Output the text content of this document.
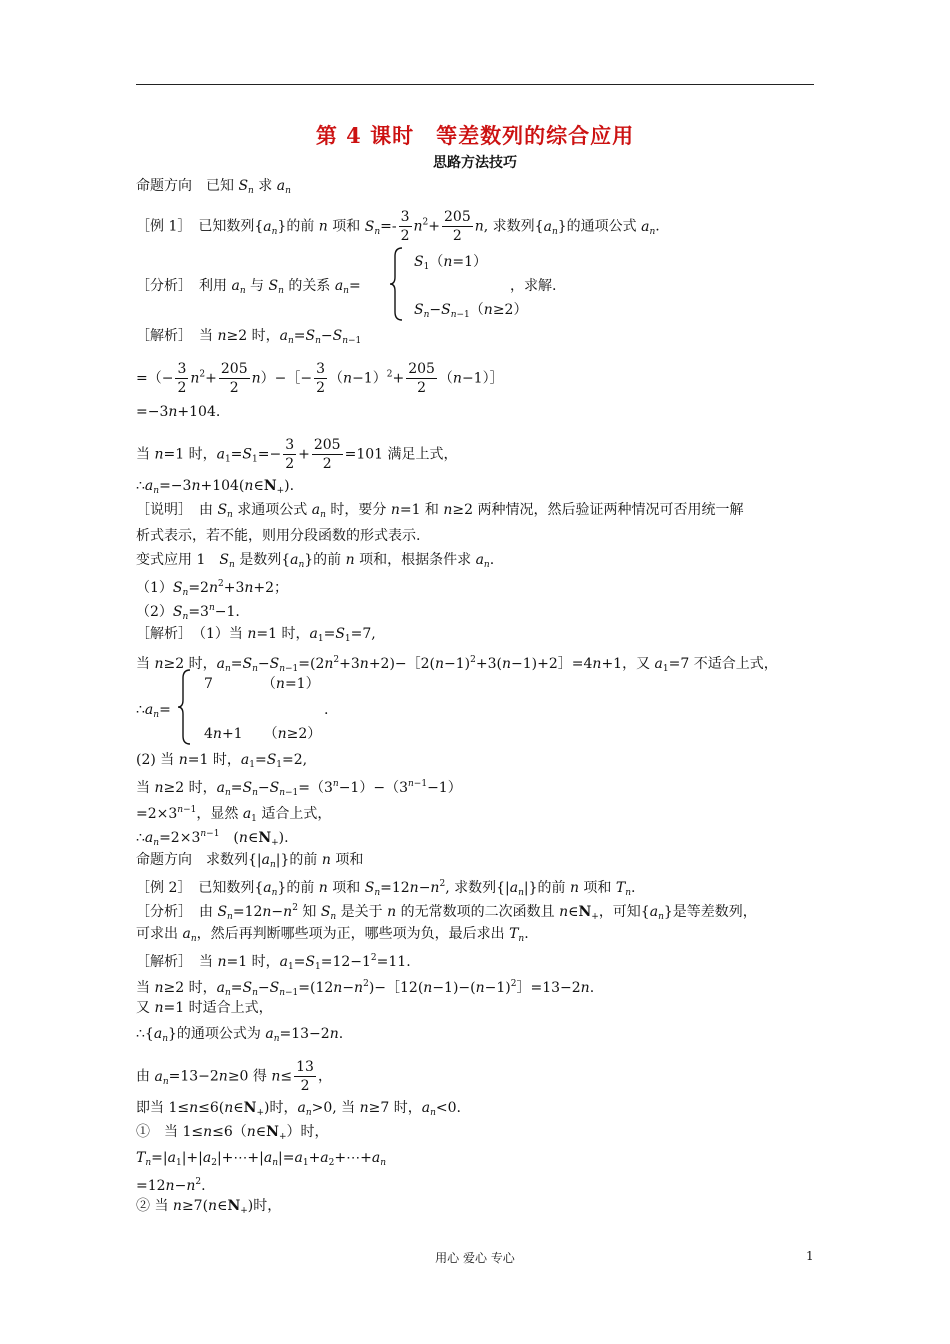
第 4 课时　等差数列的综合应用
思路方法技巧
命题方向　已知 $S_n$ 求 $a_n$
［例 1］　已知数列$\{a_n\}$的前 n 项和 $S_n=- \frac{3}{2} n^2+ \frac{205}{2} n$, 求数列$\{a_n\}$的通项公式 $a_n$.
［分析］　利用 $a_n$ 与 $S_n$ 的关系 $a_n=$
$S_1(n=1)$
，求解.
$S_n-S_{n-1}(n\ge 2)$
［解析］　当 n≥2 时，$a_n=S_n-S_{n-1}$
=（− $\frac{3}{2} n^2+ \frac{205}{2}$ n）−［− $\frac{3}{2} (n-1)^2+ \frac{205}{2}$ （n−1）］
=−3n+104.
当 n=1 时，$a_1=S_1=- \frac{3}{2} + \frac{205}{2} =101$ 满足上式，
$\therefore a_n=-3n+104(n\in N_+)$.
［说明］　由 $S_n$ 求通项公式 $a_n$ 时，要分 n=1 和 n≥2 两种情况，然后验证两种情况可否用统一解
析式表示，若不能，则用分段函数的形式表示.
变式应用 1　$S_n$ 是数列$\{a_n\}$的前 n 项和，根据条件求 $a_n$.
$(1)S_n=2n^2+3n+2$；
$(2)S_n=3^n-1$.
［解析］　（1）当 n=1 时，$a_1=S_1=7$,
当 n≥2 时，$a_n=S_n-S_{n-1}=(2n^2+3n+2)-[2(n-1)^2+3(n-1)+2]=4n+1$，又 $a_1=7$ 不适合上式，
$\therefore a_n=$
7　　　　（n=1）
.
4n+1　　（n≥2）
(2) 当 n=1 时，$a_1=S_1=2$,
当 n≥2 时，$a_n=S_n-S_{n-1}=(3^n-1)-(3^{n-1}-1)$
$=2\times 3^{n-1}$，显然 $a_1$ 适合上式，
$\therefore a_n=2\times 3^{n-1}$　$(n\in N_+)$.
命题方向　求数列$\{|a_n|\}$的前 n 项和
［例 2］　已知数列$\{a_n\}$的前 n 项和 $S_n=12n-n^2$, 求数列$\{|a_n|\}$的前 n 项和 $T_n$.
［分析］　由 $S_n=12n-n^2$ 知 $S_n$ 是关于 n 的无常数项的二次函数且 $n\in N_+$，可知$\{a_n\}$是等差数列，
可求出 $a_n$，然后再判断哪些项为正，哪些项为负，最后求出 $T_n$.
［解析］　当 n=1 时，$a_1=S_1=12-1^2=11$.
当 n≥2 时，$a_n=S_n-S_{n-1}=(12n-n^2)-[12(n-1)-(n-1)^2]=13-2n$.
又 n=1 时适合上式，
$\therefore\{a_n\}$的通项公式为 $a_n=13-2n$.
由 $a_n=13-2n\ge 0$ 得 $n\le \frac{13}{2}$ ，
即当 $1\le n\le 6(n\in N_+)$时，$a_n>0$, 当 n≥7 时，$a_n<0$.
①　当 $1\le n\le 6(n\in N_+)$时，
$T_n=|a_1|+|a_2|+\cdots+|a_n|=a_1+a_2+\cdots+a_n$
$=12n-n^2$.
② 当 $n\ge 7(n\in N_+)$时，
用心 爱心 专心	1
